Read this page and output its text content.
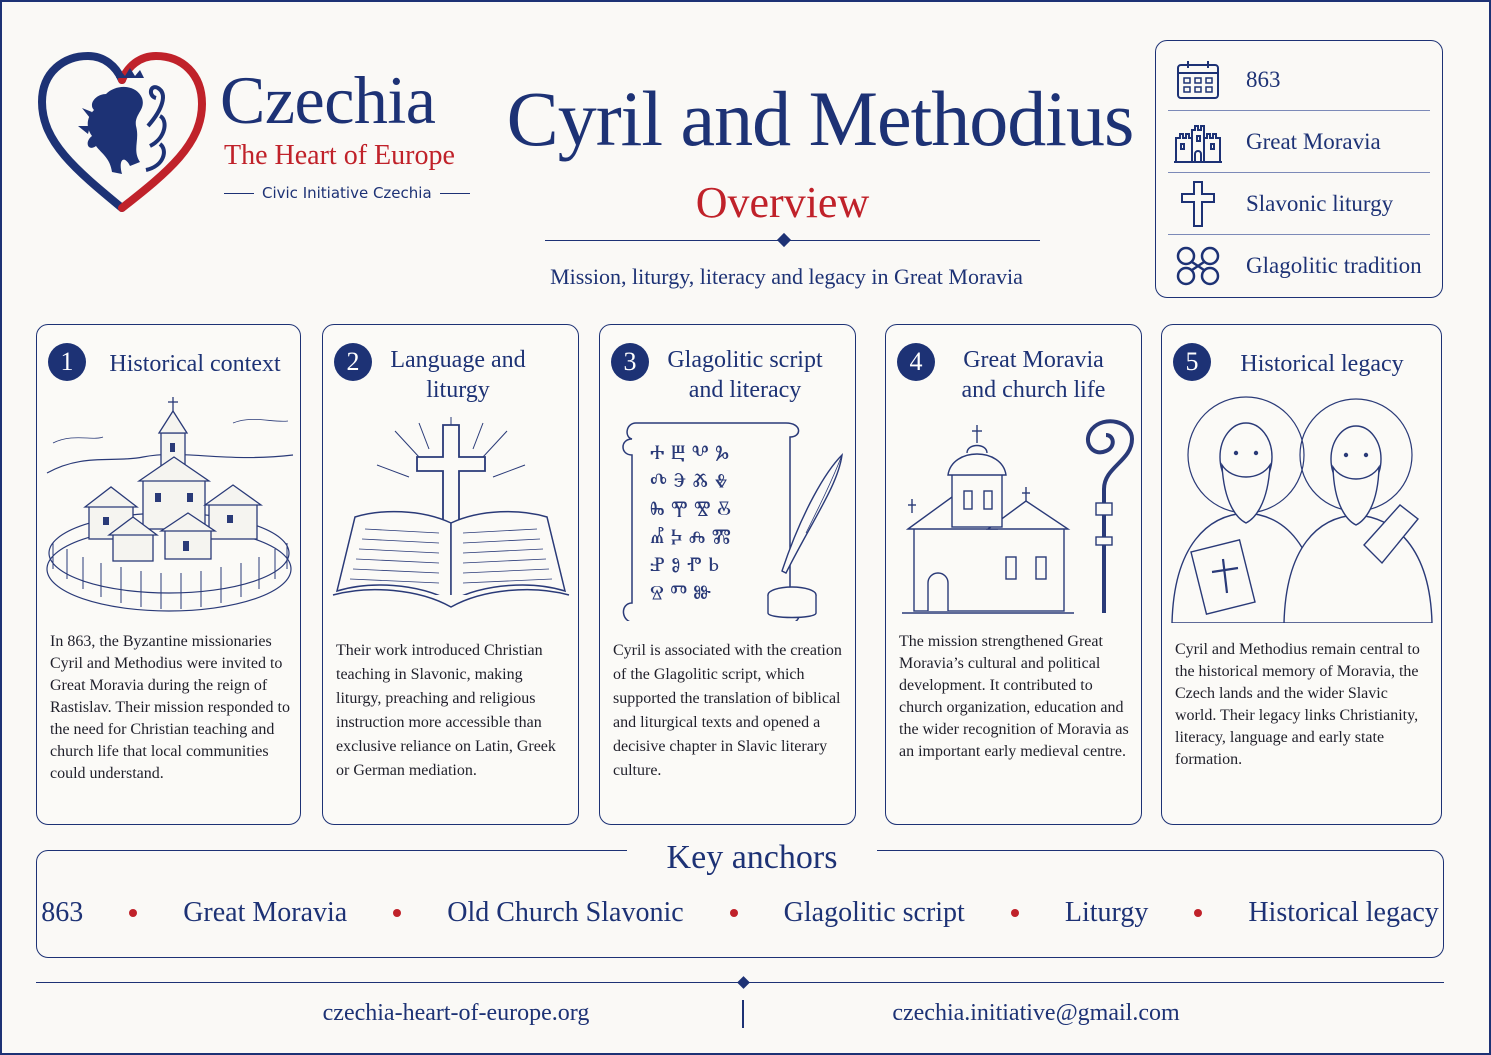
Czechia
The Heart of Europe
Civic Initiative Czechia
Cyril and Methodius
Overview
Mission, liturgy, literacy and legacy in Great Moravia
863
Great Moravia
Slavonic liturgy
Glagolitic tradition
1	Historical context
In 863, the Byzantine missionaries Cyril and Methodius were invited to Great Moravia during the reign of Rastislav. Their mission responded to the need for Christian teaching and church life that local communities could understand.
2	Language and liturgy
Their work introduced Christian teaching in Slavonic, making liturgy, preaching and religious instruction more accessible than exclusive reliance on Latin, Greek or German mediation.
3	Glagolitic script and literacy
Ⰰ Ⰱ Ⰲ Ⰳ
Ⰴ Ⰵ Ⰶ Ⰷ
Ⰸ Ⰹ Ⰺ Ⰻ
Ⰼ Ⰽ Ⰾ Ⰿ
Ⱀ Ⱁ Ⱂ Ⱃ
Ⱄ Ⱅ Ⱆ
Cyril is associated with the creation of the Glagolitic script, which supported the translation of biblical and liturgical texts and opened a decisive chapter in Slavic literary culture.
4	Great Moravia and church life
The mission strengthened Great Moravia’s cultural and political development. It contributed to church organization, education and the wider recognition of Moravia as an important early medieval centre.
5	Historical legacy
Cyril and Methodius remain central to the historical memory of Moravia, the Czech lands and the wider Slavic world. Their legacy links Christianity, literacy, language and early state formation.
Key anchors
863	Great Moravia	Old Church Slavonic	Glagolitic script	Liturgy	Historical legacy
czechia-heart-of-europe.org	czechia.initiative@gmail.com
